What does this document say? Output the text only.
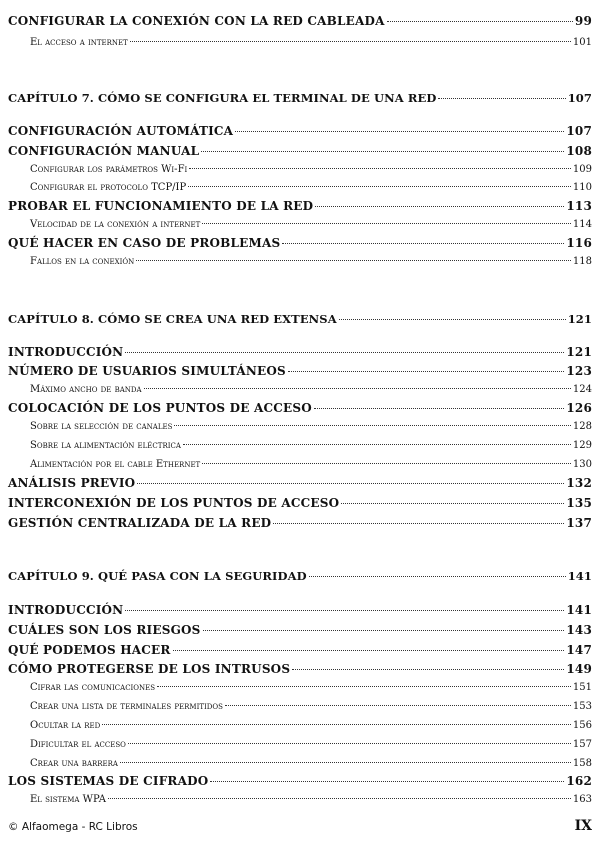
CONFIGURAR LA CONEXIÓN CON LA RED CABLEADA	99
El acceso a internet	101
CAPÍTULO 7. CÓMO SE CONFIGURA EL TERMINAL DE UNA RED	107
CONFIGURACIÓN AUTOMÁTICA	107
CONFIGURACIÓN MANUAL	108
Configurar los parámetros Wi-Fi	109
Configurar el protocolo TCP/IP	110
PROBAR EL FUNCIONAMIENTO DE LA RED	113
Velocidad de la conexión a internet	114
QUÉ HACER EN CASO DE PROBLEMAS	116
Fallos en la conexión	118
CAPÍTULO 8. CÓMO SE CREA UNA RED EXTENSA	121
INTRODUCCIÓN	121
NÚMERO DE USUARIOS SIMULTÁNEOS	123
Máximo ancho de banda	124
COLOCACIÓN DE LOS PUNTOS DE ACCESO	126
Sobre la selección de canales	128
Sobre la alimentación eléctrica	129
Alimentación por el cable Ethernet	130
ANÁLISIS PREVIO	132
INTERCONEXIÓN DE LOS PUNTOS DE ACCESO	135
GESTIÓN CENTRALIZADA DE LA RED	137
CAPÍTULO 9. QUÉ PASA CON LA SEGURIDAD	141
INTRODUCCIÓN	141
CUÁLES SON LOS RIESGOS	143
QUÉ PODEMOS HACER	147
CÓMO PROTEGERSE DE LOS INTRUSOS	149
Cifrar las comunicaciones	151
Crear una lista de terminales permitidos	153
Ocultar la red	156
Dificultar el acceso	157
Crear una barrera	158
LOS SISTEMAS DE CIFRADO	162
El sistema WPA	163
© Alfaomega - RC Libros	IX
